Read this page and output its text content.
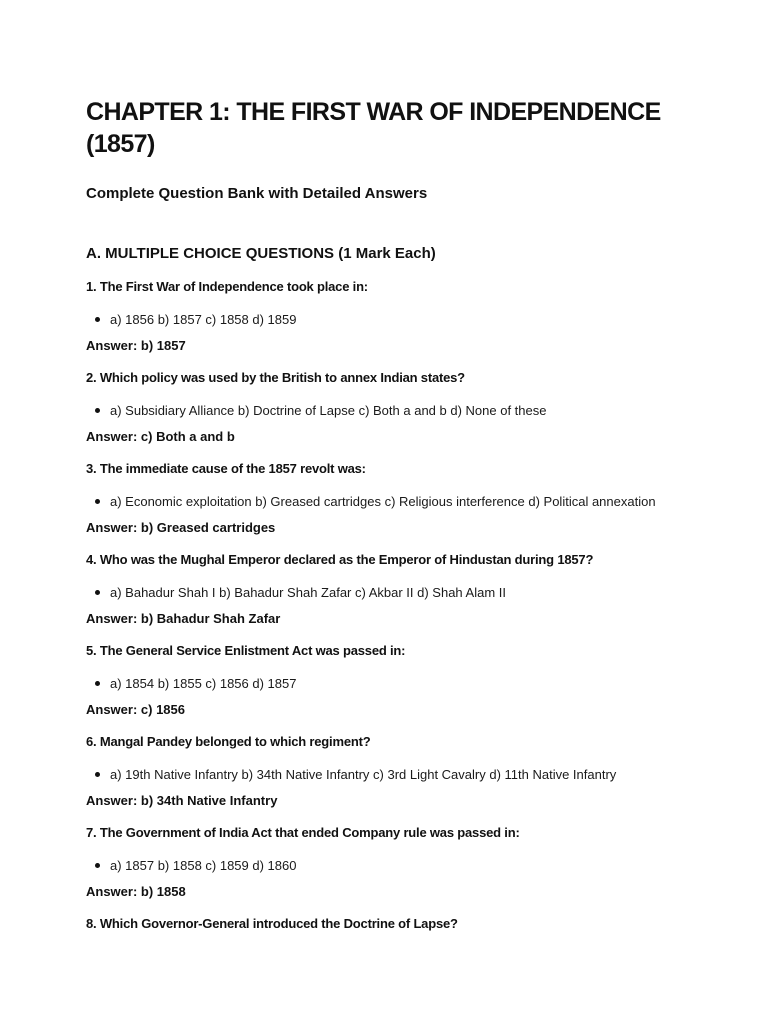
CHAPTER 1: THE FIRST WAR OF INDEPENDENCE (1857)

Complete Question Bank with Detailed Answers

A. MULTIPLE CHOICE QUESTIONS (1 Mark Each)

1. The First War of Independence took place in:

a) 1856 b) 1857 c) 1858 d) 1859

Answer: b) 1857

2. Which policy was used by the British to annex Indian states?

a) Subsidiary Alliance b) Doctrine of Lapse c) Both a and b d) None of these

Answer: c) Both a and b

3. The immediate cause of the 1857 revolt was:

a) Economic exploitation b) Greased cartridges c) Religious interference d) Political annexation

Answer: b) Greased cartridges

4. Who was the Mughal Emperor declared as the Emperor of Hindustan during 1857?

a) Bahadur Shah I b) Bahadur Shah Zafar c) Akbar II d) Shah Alam II

Answer: b) Bahadur Shah Zafar

5. The General Service Enlistment Act was passed in:

a) 1854 b) 1855 c) 1856 d) 1857

Answer: c) 1856

6. Mangal Pandey belonged to which regiment?

a) 19th Native Infantry b) 34th Native Infantry c) 3rd Light Cavalry d) 11th Native Infantry

Answer: b) 34th Native Infantry

7. The Government of India Act that ended Company rule was passed in:

a) 1857 b) 1858 c) 1859 d) 1860

Answer: b) 1858

8. Which Governor-General introduced the Doctrine of Lapse?
